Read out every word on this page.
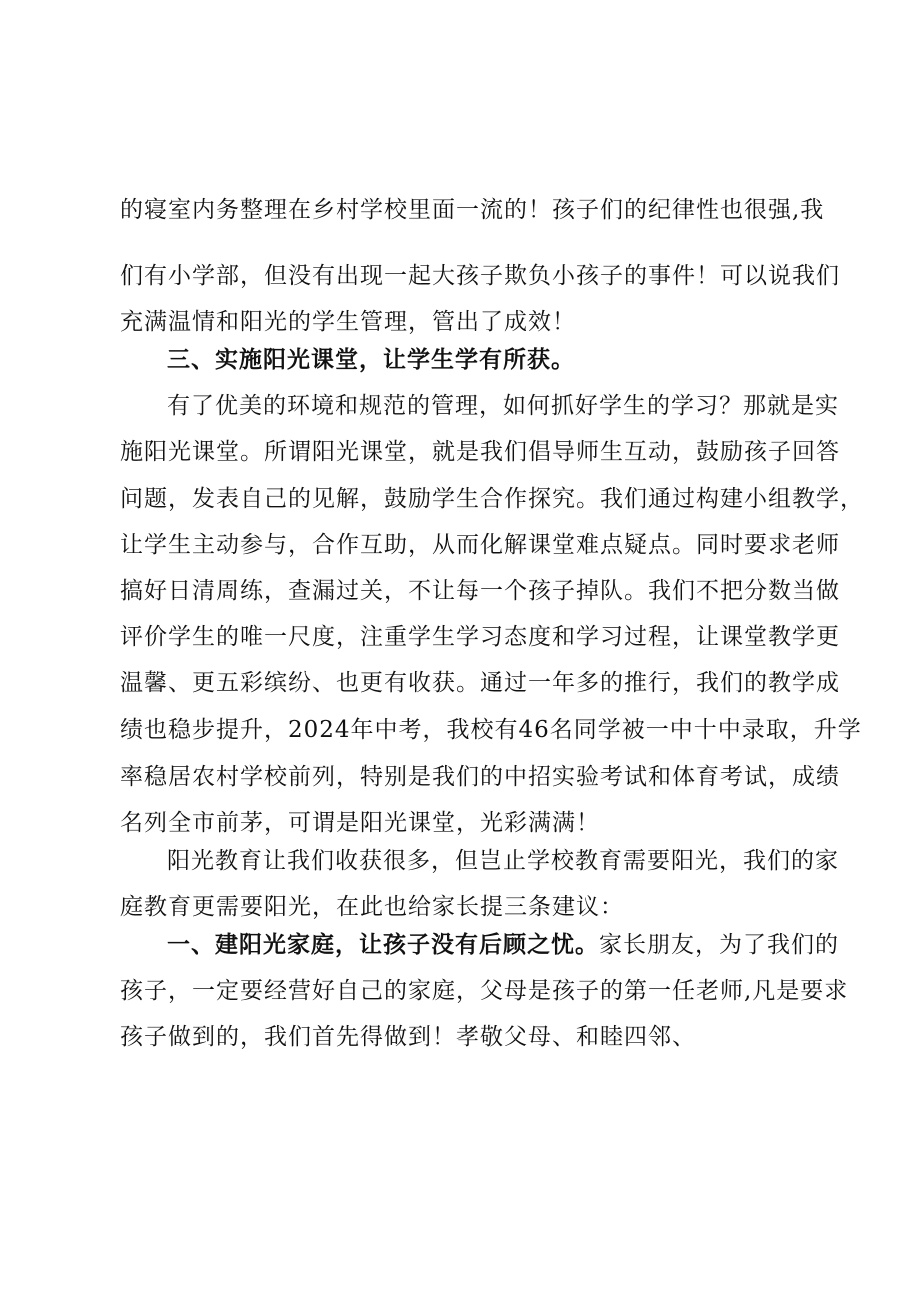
的寝室内务整理在乡村学校里面一流的！孩子们的纪律性也很强,我
们有小学部，但没有出现一起大孩子欺负小孩子的事件！可以说我们
充满温情和阳光的学生管理，管出了成效！
三、实施阳光课堂，让学生学有所获。
有了优美的环境和规范的管理，如何抓好学生的学习？那就是实
施阳光课堂。所谓阳光课堂，就是我们倡导师生互动，鼓励孩子回答
问题，发表自己的见解，鼓励学生合作探究。我们通过构建小组教学，
让学生主动参与，合作互助，从而化解课堂难点疑点。同时要求老师
搞好日清周练，查漏过关，不让每一个孩子掉队。我们不把分数当做
评价学生的唯一尺度，注重学生学习态度和学习过程，让课堂教学更
温馨、更五彩缤纷、也更有收获。通过一年多的推行，我们的教学成
绩也稳步提升，2024年中考，我校有46名同学被一中十中录取，升学
率稳居农村学校前列，特别是我们的中招实验考试和体育考试，成绩
名列全市前茅，可谓是阳光课堂，光彩满满！
阳光教育让我们收获很多，但岂止学校教育需要阳光，我们的家
庭教育更需要阳光，在此也给家长提三条建议：
一、建阳光家庭，让孩子没有后顾之忧。家长朋友，为了我们的
孩子，一定要经营好自己的家庭，父母是孩子的第一任老师,凡是要求
孩子做到的，我们首先得做到！孝敬父母、和睦四邻、
